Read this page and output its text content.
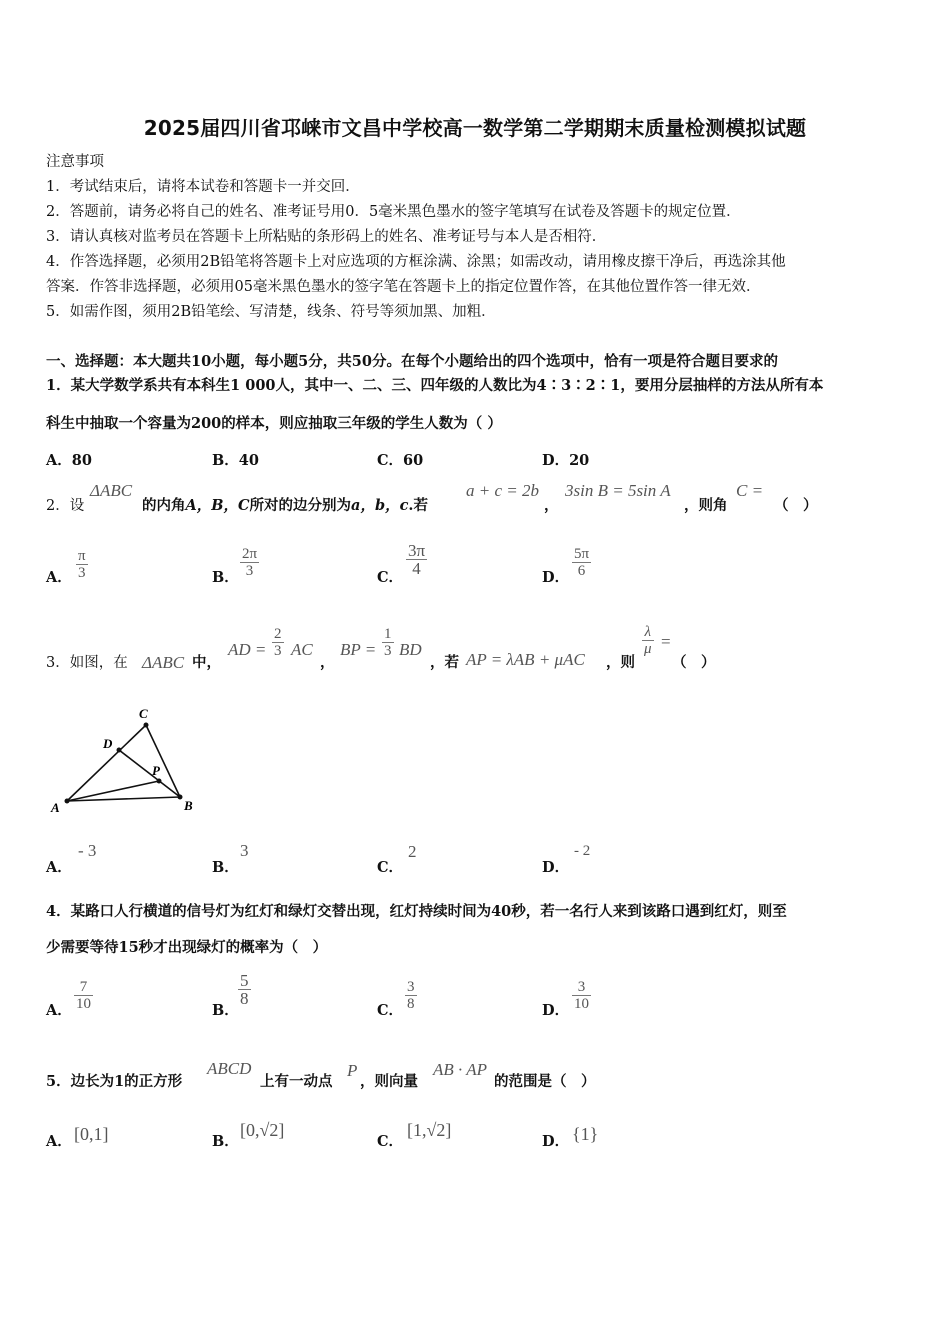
2025届四川省邛崃市文昌中学校高一数学第二学期期末质量检测模拟试题
注意事项
1．考试结束后，请将本试卷和答题卡一并交回．
2．答题前，请务必将自己的姓名、准考证号用0．5毫米黑色墨水的签字笔填写在试卷及答题卡的规定位置．
3．请认真核对监考员在答题卡上所粘贴的条形码上的姓名、准考证号与本人是否相符．
4．作答选择题，必须用2B铅笔将答题卡上对应选项的方框涂满、涂黑；如需改动，请用橡皮擦干净后，再选涂其他
答案．作答非选择题，必须用05毫米黑色墨水的签字笔在答题卡上的指定位置作答，在其他位置作答一律无效．
5．如需作图，须用2B铅笔绘、写清楚，线条、符号等须加黑、加粗．
一、选择题：本大题共10小题，每小题5分，共50分。在每个小题给出的四个选项中，恰有一项是符合题目要求的
1．某大学数学系共有本科生1 000人，其中一、二、三、四年级的人数比为4∶3∶2∶1，要用分层抽样的方法从所有本
科生中抽取一个容量为200的样本，则应抽取三年级的学生人数为（ ）
A．80	B．40	C．60	D．20
2．设
ΔABC
的内角A，B，C所对的边分别为a，b，c.若
a + c = 2b
，
3sin B = 5sin A
，则角
C =
（　）
A． $\frac{\pi}{3}$	B． $\frac{2\pi}{3}$	C．
$\frac{3\pi}{4}$
D． $\frac{5\pi}{6}$
3．如图，在 ΔABC 中，
AD = $\frac{2}{3}$ AC
，
BP = $\frac{1}{3}$ BD
，若 AP = λAB + μAC ，则
$\frac{\lambda}{\mu}$ =
（　）
A	B
C
D
P
A．
- 3
B．
3
C．
2
D．
- 2
4．某路口人行横道的信号灯为红灯和绿灯交替出现，红灯持续时间为40秒，若一名行人来到该路口遇到红灯，则至
少需要等待15秒才出现绿灯的概率为（　）
A． $\frac{7}{10}$	B．
$\frac{5}{8}$
C． $\frac{3}{8}$	D． $\frac{3}{10}$
5．边长为1的正方形
ABCD
上有一动点
P
，则向量
AB · AP
的范围是（　）
A． [0,1]	B．
[0,√2]
C．
[1,√2]
D． {1}
